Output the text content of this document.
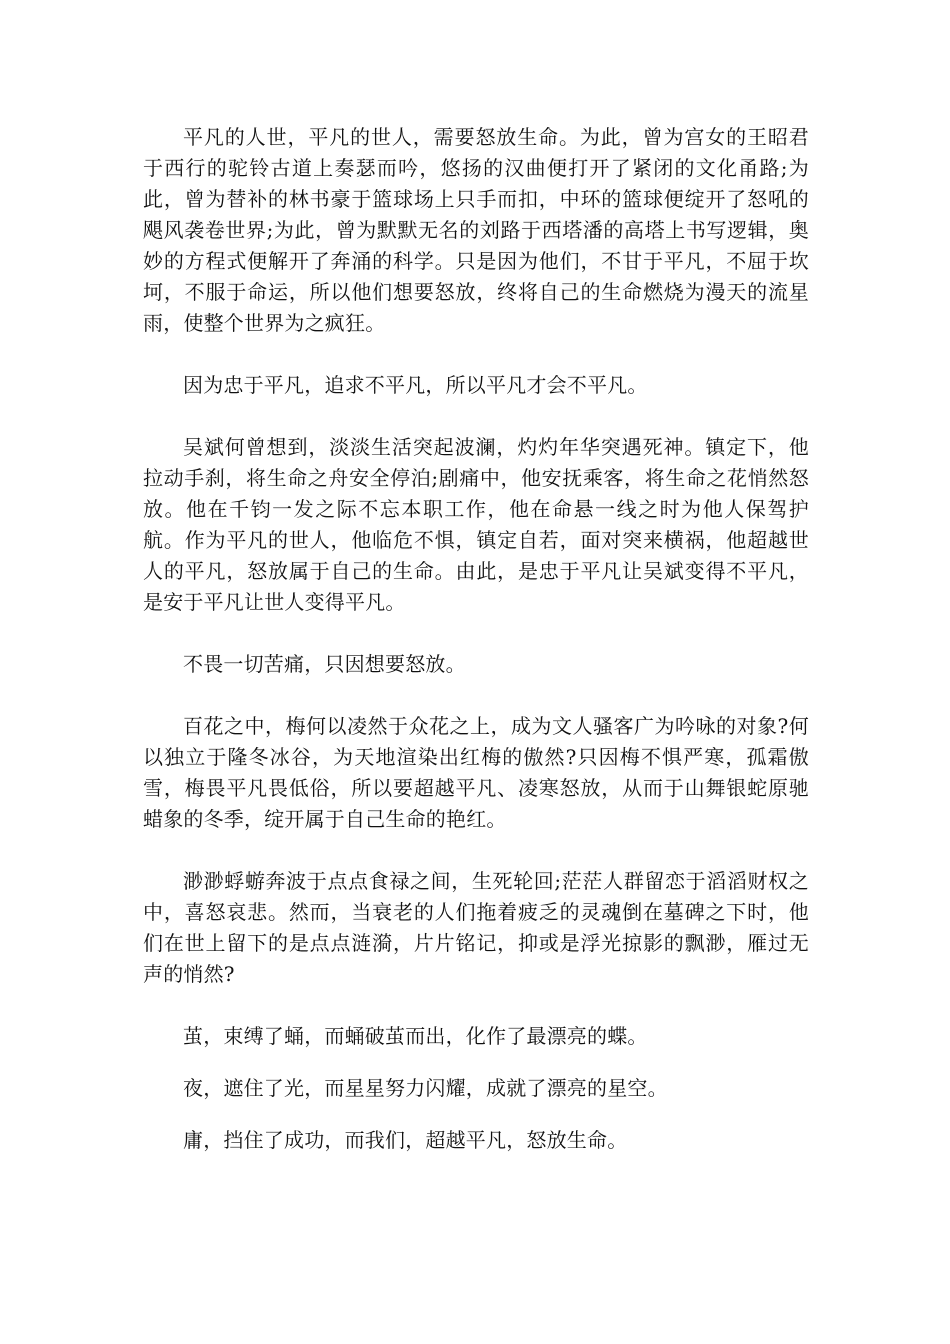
平凡的人世，平凡的世人，需要怒放生命。为此，曾为宫女的王昭君于西行的驼铃古道上奏瑟而吟，悠扬的汉曲便打开了紧闭的文化甬路;为此，曾为替补的林书豪于篮球场上只手而扣，中环的篮球便绽开了怒吼的飓风袭卷世界;为此，曾为默默无名的刘路于西塔潘的高塔上书写逻辑，奥妙的方程式便解开了奔涌的科学。只是因为他们，不甘于平凡，不屈于坎坷，不服于命运，所以他们想要怒放，终将自己的生命燃烧为漫天的流星雨，使整个世界为之疯狂。

因为忠于平凡，追求不平凡，所以平凡才会不平凡。

吴斌何曾想到，淡淡生活突起波澜，灼灼年华突遇死神。镇定下，他拉动手刹，将生命之舟安全停泊;剧痛中，他安抚乘客，将生命之花悄然怒放。他在千钧一发之际不忘本职工作，他在命悬一线之时为他人保驾护航。作为平凡的世人，他临危不惧，镇定自若，面对突来横祸，他超越世人的平凡，怒放属于自己的生命。由此，是忠于平凡让吴斌变得不平凡，是安于平凡让世人变得平凡。

不畏一切苦痛，只因想要怒放。

百花之中，梅何以凌然于众花之上，成为文人骚客广为吟咏的对象?何以独立于隆冬冰谷，为天地渲染出红梅的傲然?只因梅不惧严寒，孤霜傲雪，梅畏平凡畏低俗，所以要超越平凡、凌寒怒放，从而于山舞银蛇原驰蜡象的冬季，绽开属于自己生命的艳红。

渺渺蜉蝣奔波于点点食禄之间，生死轮回;茫茫人群留恋于滔滔财权之中，喜怒哀悲。然而，当衰老的人们拖着疲乏的灵魂倒在墓碑之下时，他们在世上留下的是点点涟漪，片片铭记，抑或是浮光掠影的飘渺，雁过无声的悄然?

茧，束缚了蛹，而蛹破茧而出，化作了最漂亮的蝶。

夜，遮住了光，而星星努力闪耀，成就了漂亮的星空。

庸，挡住了成功，而我们，超越平凡，怒放生命。
